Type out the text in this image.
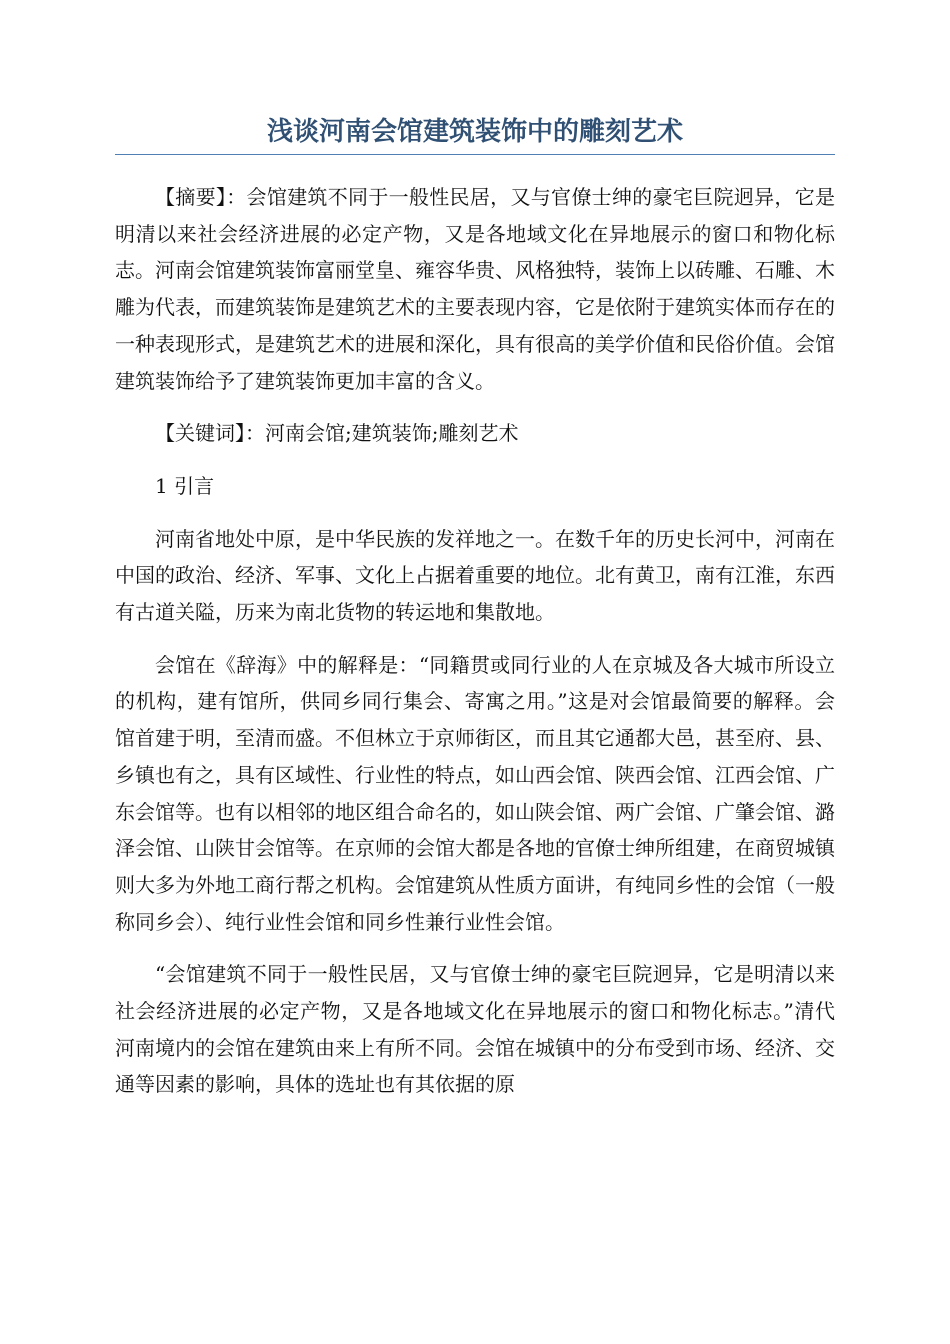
浅谈河南会馆建筑装饰中的雕刻艺术

【摘要】：会馆建筑不同于一般性民居，又与官僚士绅的豪宅巨院迥异，它是明清以来社会经济进展的必定产物，又是各地域文化在异地展示的窗口和物化标志。河南会馆建筑装饰富丽堂皇、雍容华贵、风格独特，装饰上以砖雕、石雕、木雕为代表，而建筑装饰是建筑艺术的主要表现内容，它是依附于建筑实体而存在的一种表现形式，是建筑艺术的进展和深化，具有很高的美学价值和民俗价值。会馆建筑装饰给予了建筑装饰更加丰富的含义。

【关键词】：河南会馆;建筑装饰;雕刻艺术

1 引言

河南省地处中原，是中华民族的发祥地之一。在数千年的历史长河中，河南在中国的政治、经济、军事、文化上占据着重要的地位。北有黄卫，南有江淮，东西有古道关隘，历来为南北货物的转运地和集散地。

会馆在《辞海》中的解释是：“同籍贯或同行业的人在京城及各大城市所设立的机构，建有馆所，供同乡同行集会、寄寓之用。”这是对会馆最简要的解释。会馆首建于明，至清而盛。不但林立于京师街区，而且其它通都大邑，甚至府、县、乡镇也有之，具有区域性、行业性的特点，如山西会馆、陕西会馆、江西会馆、广东会馆等。也有以相邻的地区组合命名的，如山陕会馆、两广会馆、广肇会馆、潞泽会馆、山陕甘会馆等。在京师的会馆大都是各地的官僚士绅所组建，在商贸城镇则大多为外地工商行帮之机构。会馆建筑从性质方面讲，有纯同乡性的会馆（一般称同乡会）、纯行业性会馆和同乡性兼行业性会馆。

“会馆建筑不同于一般性民居，又与官僚士绅的豪宅巨院迥异，它是明清以来社会经济进展的必定产物，又是各地域文化在异地展示的窗口和物化标志。”清代河南境内的会馆在建筑由来上有所不同。会馆在城镇中的分布受到市场、经济、交通等因素的影响，具体的选址也有其依据的原
